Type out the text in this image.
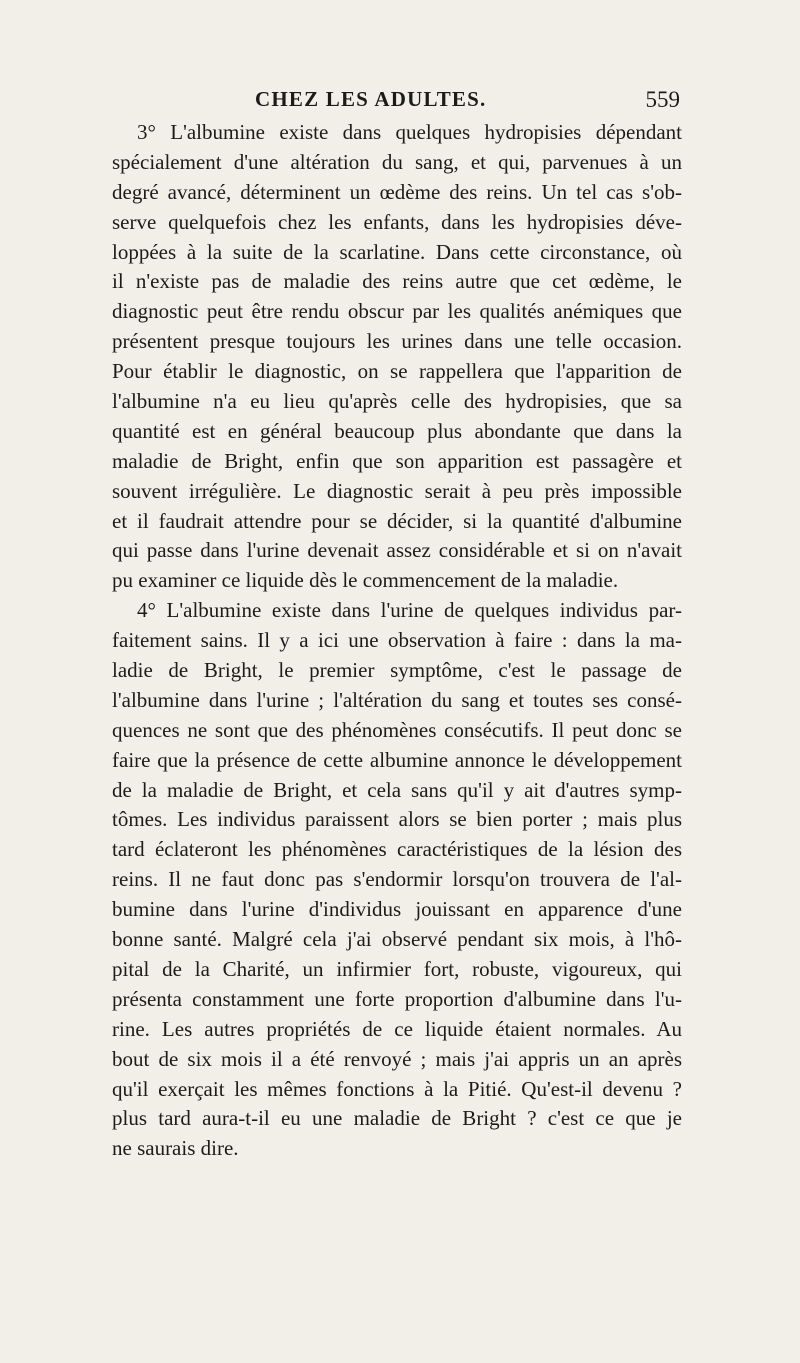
CHEZ LES ADULTES.	559
3° L'albumine existe dans quelques hydropisies dépendant
spécialement d'une altération du sang, et qui, parvenues à un
degré avancé, déterminent un œdème des reins. Un tel cas s'ob-
serve quelquefois chez les enfants, dans les hydropisies déve-
loppées à la suite de la scarlatine. Dans cette circonstance, où
il n'existe pas de maladie des reins autre que cet œdème, le
diagnostic peut être rendu obscur par les qualités anémiques que
présentent presque toujours les urines dans une telle occasion.
Pour établir le diagnostic, on se rappellera que l'apparition de
l'albumine n'a eu lieu qu'après celle des hydropisies, que sa
quantité est en général beaucoup plus abondante que dans la
maladie de Bright, enfin que son apparition est passagère et
souvent irrégulière. Le diagnostic serait à peu près impossible
et il faudrait attendre pour se décider, si la quantité d'albumine
qui passe dans l'urine devenait assez considérable et si on n'avait
pu examiner ce liquide dès le commencement de la maladie.
4° L'albumine existe dans l'urine de quelques individus par-
faitement sains. Il y a ici une observation à faire : dans la ma-
ladie de Bright, le premier symptôme, c'est le passage de
l'albumine dans l'urine ; l'altération du sang et toutes ses consé-
quences ne sont que des phénomènes consécutifs. Il peut donc se
faire que la présence de cette albumine annonce le développement
de la maladie de Bright, et cela sans qu'il y ait d'autres symp-
tômes. Les individus paraissent alors se bien porter ; mais plus
tard éclateront les phénomènes caractéristiques de la lésion des
reins. Il ne faut donc pas s'endormir lorsqu'on trouvera de l'al-
bumine dans l'urine d'individus jouissant en apparence d'une
bonne santé. Malgré cela j'ai observé pendant six mois, à l'hô-
pital de la Charité, un infirmier fort, robuste, vigoureux, qui
présenta constamment une forte proportion d'albumine dans l'u-
rine. Les autres propriétés de ce liquide étaient normales. Au
bout de six mois il a été renvoyé ; mais j'ai appris un an après
qu'il exerçait les mêmes fonctions à la Pitié. Qu'est-il devenu ?
plus tard aura-t-il eu une maladie de Bright ? c'est ce que je
ne saurais dire.
